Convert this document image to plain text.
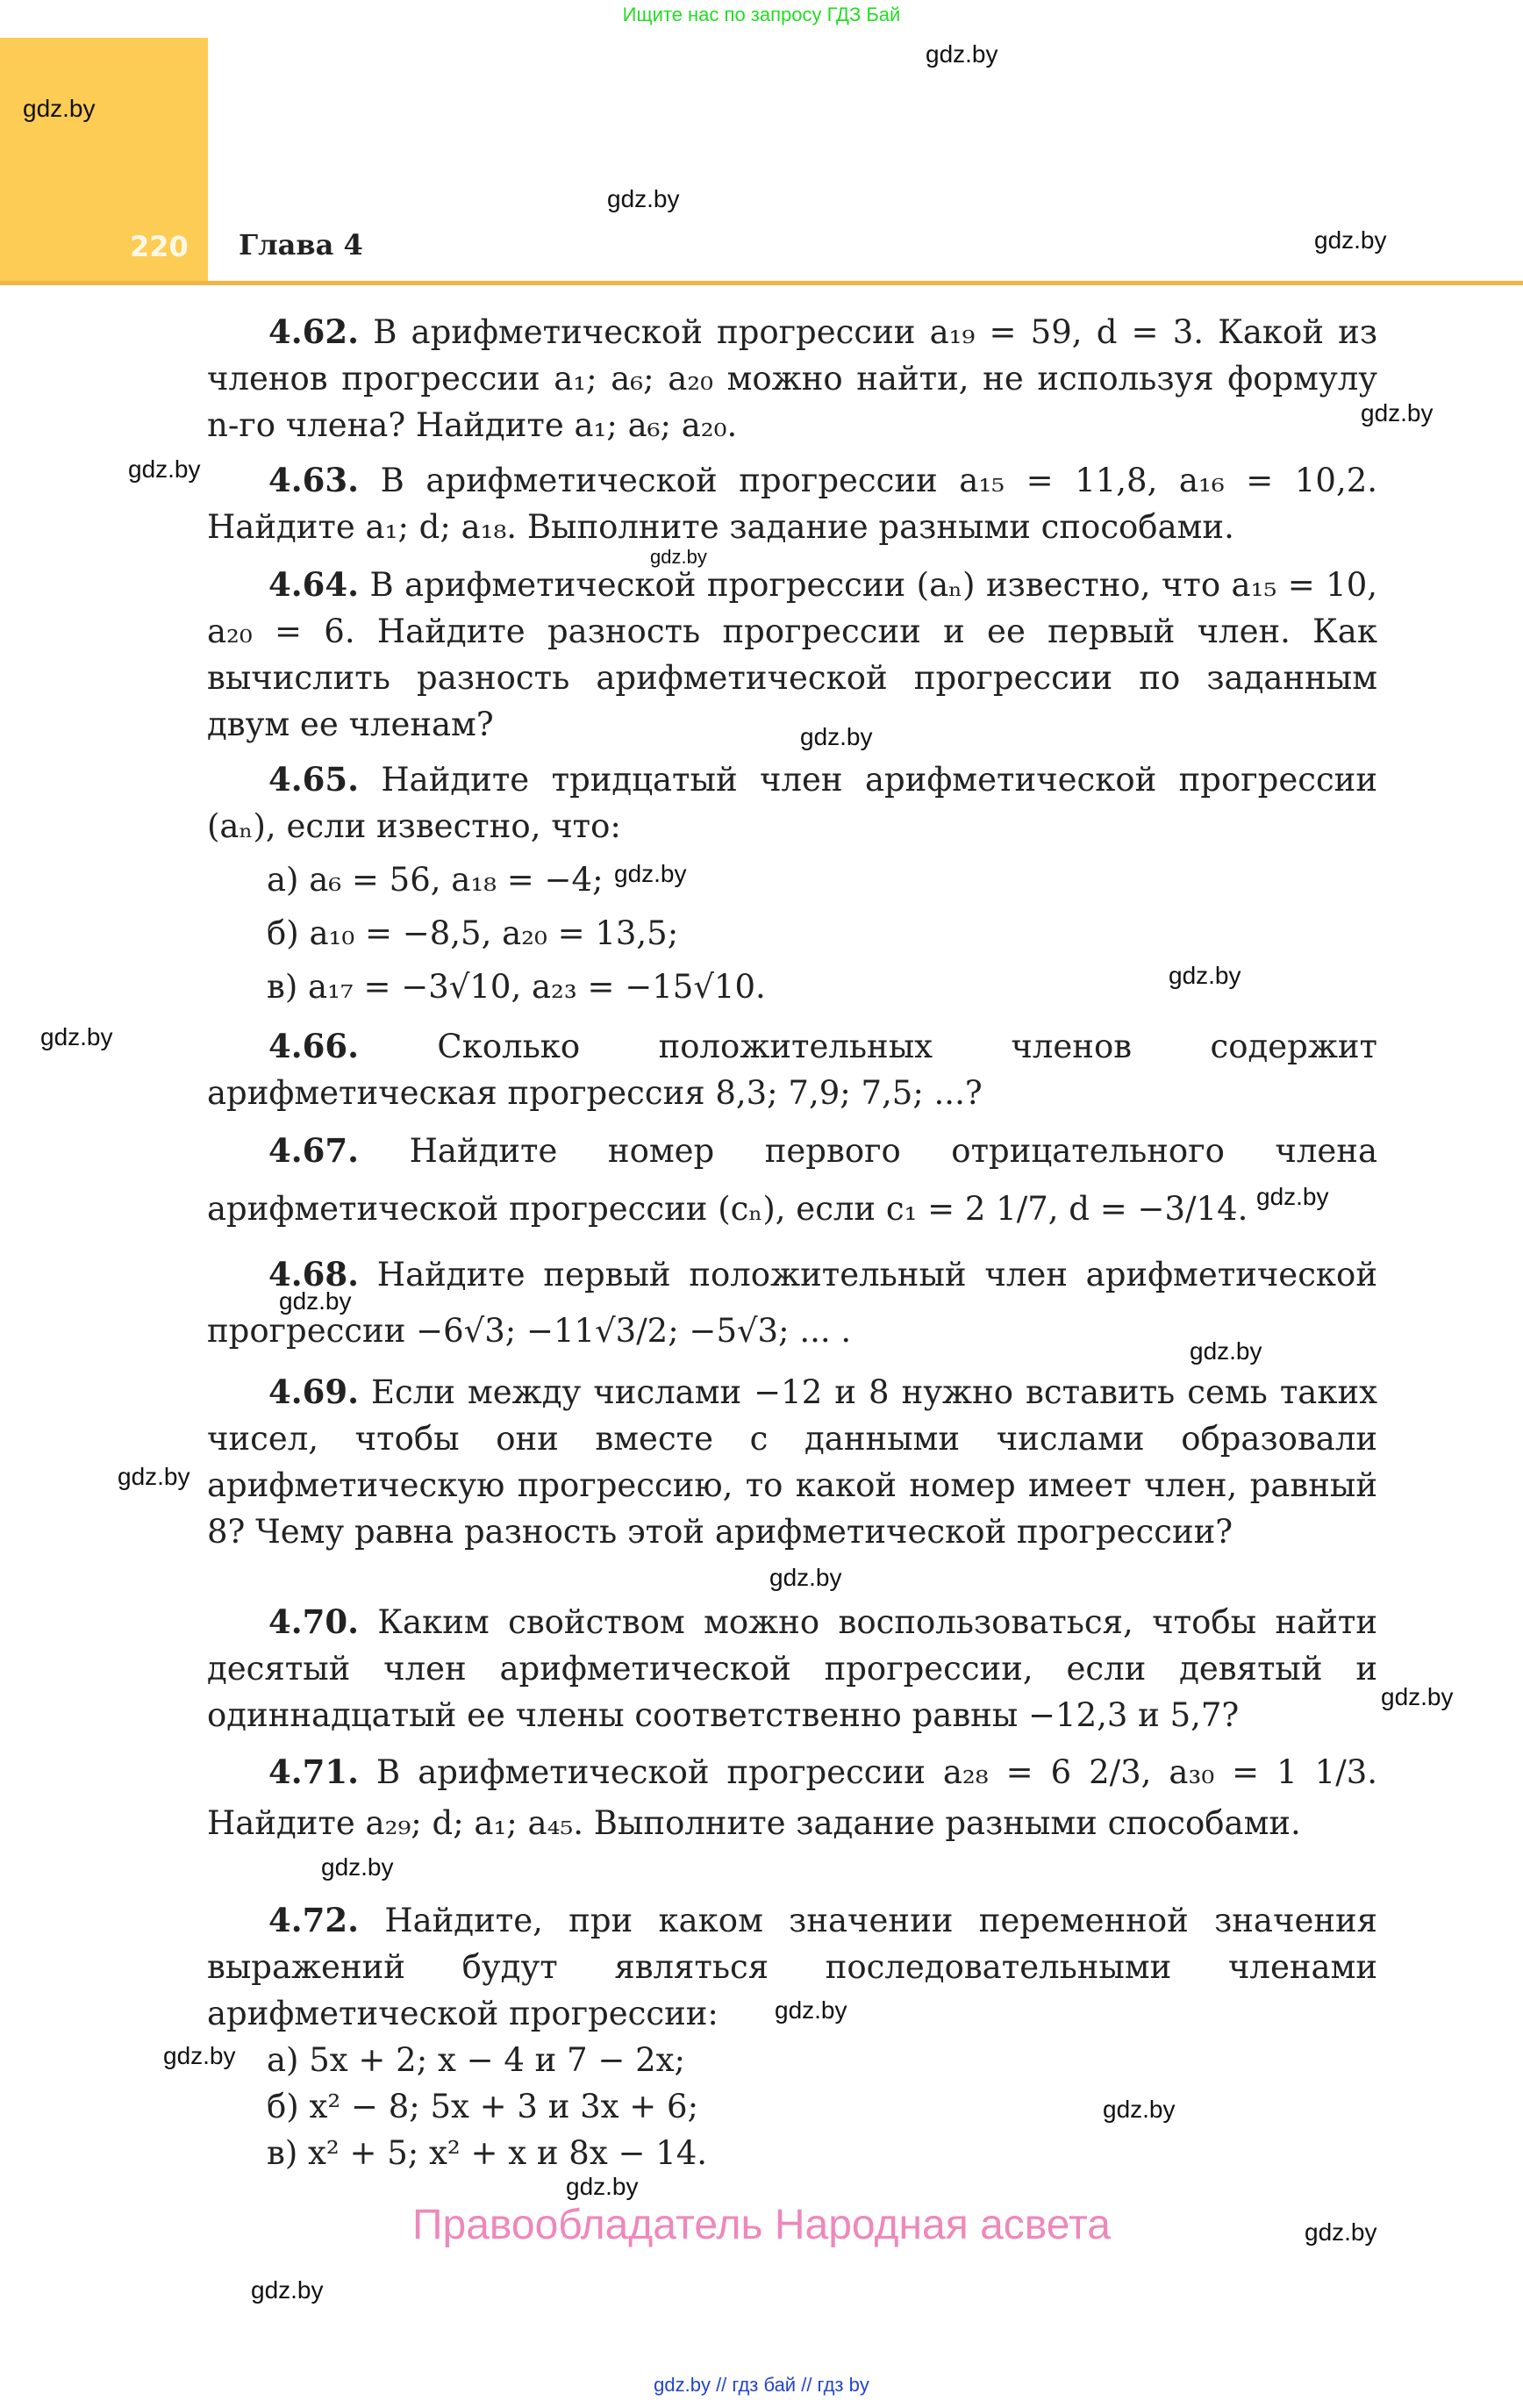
Ищите нас по запросу ГДЗ Бай
220 Глава 4
gdz.by
gdz.by
gdz.by
gdz.by
gdz.by
gdz.by
gdz.by
gdz.by
gdz.by
gdz.by
gdz.by
gdz.by
gdz.by
gdz.by
gdz.by
gdz.by
gdz.by
gdz.by
gdz.by
gdz.by
gdz.by
gdz.by
gdz.by
gdz.by

4.62. В арифметической прогрессии a₁₉ = 59, d = 3. Какой из членов прогрессии a₁; a₆; a₂₀ можно найти, не используя формулу n-го члена? Найдите a₁; a₆; a₂₀.

4.63. В арифметической прогрессии a₁₅ = 11,8, a₁₆ = 10,2. Найдите a₁; d; a₁₈. Выполните задание разными способами.

4.64. В арифметической прогрессии (aₙ) известно, что a₁₅ = 10, a₂₀ = 6. Найдите разность прогрессии и ее первый член. Как вычислить разность арифметической прогрессии по заданным двум ее членам?

4.65. Найдите тридцатый член арифметической прогрессии (aₙ), если известно, что:

а) a₆ = 56, a₁₈ = −4;

б) a₁₀ = −8,5, a₂₀ = 13,5;

в) a₁₇ = −3√10, a₂₃ = −15√10.

4.66. Сколько положительных членов содержит арифметическая прогрессия 8,3; 7,9; 7,5; ...?

4.67. Найдите номер первого отрицательного члена арифметической прогрессии (cₙ), если c₁ = 2 1/7, d = −3/14.

4.68. Найдите первый положительный член арифметической прогрессии −6√3; −11√3/2; −5√3; ... .

4.69. Если между числами −12 и 8 нужно вставить семь таких чисел, чтобы они вместе с данными числами образовали арифметическую прогрессию, то какой номер имеет член, равный 8? Чему равна разность этой арифметической прогрессии?

4.70. Каким свойством можно воспользоваться, чтобы найти десятый член арифметической прогрессии, если девятый и одиннадцатый ее члены соответственно равны −12,3 и 5,7?

4.71. В арифметической прогрессии a₂₈ = 6 2/3, a₃₀ = 1 1/3. Найдите a₂₉; d; a₁; a₄₅. Выполните задание разными способами.

4.72. Найдите, при каком значении переменной значения выражений будут являться последовательными членами арифметической прогрессии:

а) 5x + 2; x − 4 и 7 − 2x;

б) x² − 8; 5x + 3 и 3x + 6;

в) x² + 5; x² + x и 8x − 14.

Правообладатель Народная асвета
gdz.by // гдз бай // гдз by
